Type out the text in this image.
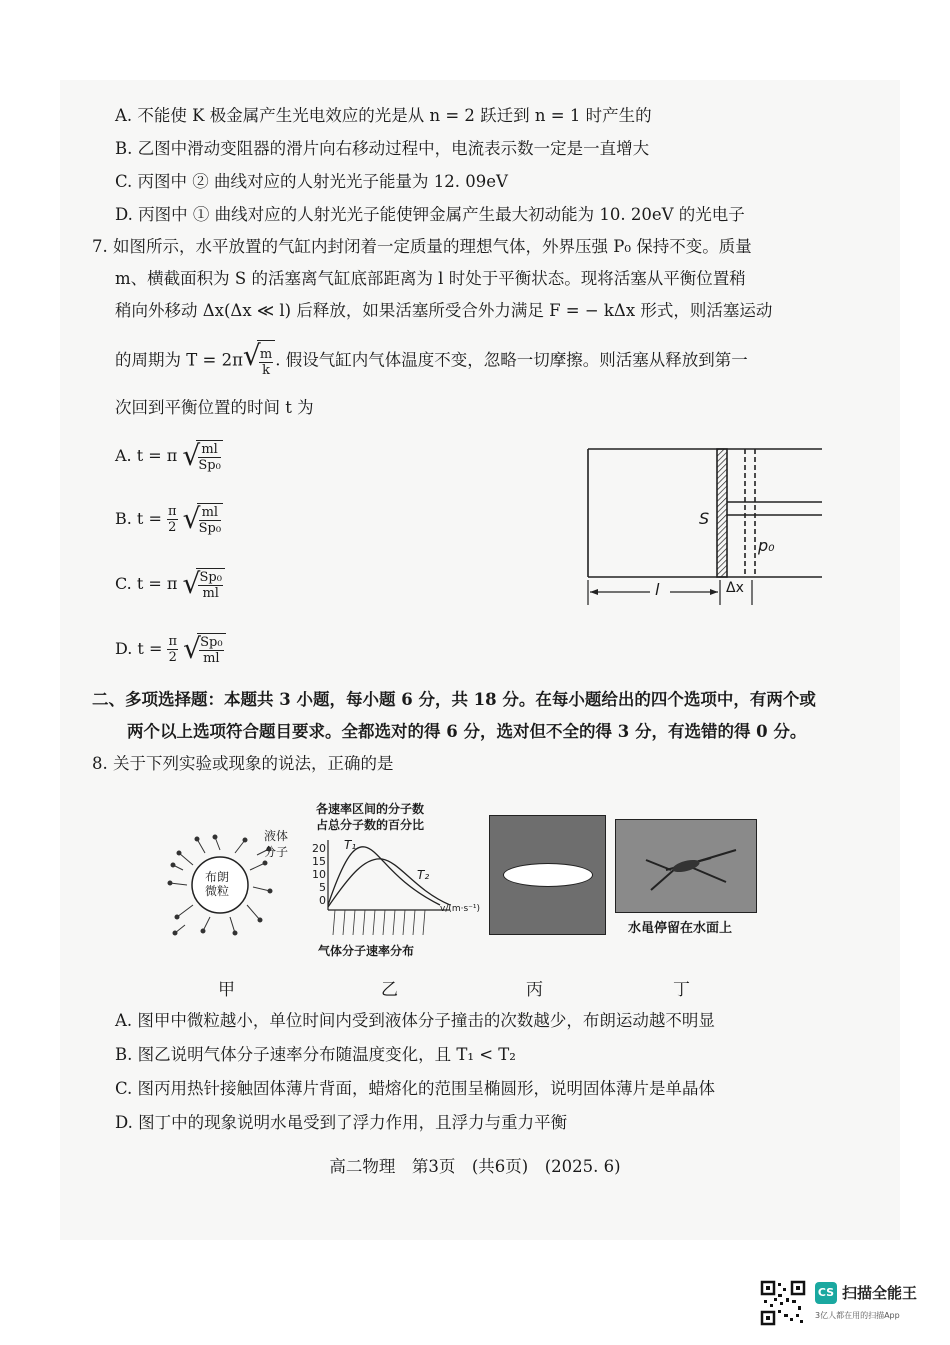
A. 不能使 K 极金属产生光电效应的光是从 n = 2 跃迁到 n = 1 时产生的
B. 乙图中滑动变阻器的滑片向右移动过程中，电流表示数一定是一直增大
C. 丙图中 ② 曲线对应的人射光光子能量为 12. 09eV
D. 丙图中 ① 曲线对应的人射光光子能使钾金属产生最大初动能为 10. 20eV 的光电子
7. 如图所示，水平放置的气缸内封闭着一定质量的理想气体，外界压强 P₀ 保持不变。质量
m、横截面积为 S 的活塞离气缸底部距离为 l 时处于平衡状态。现将活塞从平衡位置稍
稍向外移动 Δx(Δx ≪ l) 后释放，如果活塞所受合外力满足 F = − kΔx 形式，则活塞运动
的周期为 T = 2π √ $\frac{m}{k}$ . 假设气缸内气体温度不变，忽略一切摩擦。则活塞从释放到第一
次回到平衡位置的时间 t 为
A. t = π √ $\frac{ml}{\text{Sp₀}}$
B. $t = \frac{\pi}{2}$
√ $\frac{ml}{\text{Sp₀}}$
C. t = π √ $\frac{\text{Sp₀}}{ml}$
D. $t = \frac{\pi}{2}$
√ $\frac{\text{Sp₀}}{ml}$
S
p₀
l	Δx
二、多项选择题：本题共 3 小题，每小题 6 分，共 18 分。在每小题给出的四个选项中，有两个或
两个以上选项符合题目要求。全都选对的得 6 分，选对但不全的得 3 分，有选错的得 0 分。
8. 关于下列实验或现象的说法，正确的是
布朗
微粒
液体
分子
各速率区间的分子数
占总分子数的百分比
20
15
10
5
0
T₁
T₂
v/(m·s⁻¹)
气体分子速率分布
水黾停留在水面上
甲	乙	丙	丁
A. 图甲中微粒越小，单位时间内受到液体分子撞击的次数越少，布朗运动越不明显
B. 图乙说明气体分子速率分布随温度变化，且 T₁ < T₂
C. 图丙用热针接触固体薄片背面，蜡熔化的范围呈椭圆形，说明固体薄片是单晶体
D. 图丁中的现象说明水黾受到了浮力作用，且浮力与重力平衡
高二物理　第3页　(共6页)　(2025. 6)
CS 扫描全能王
3亿人都在用的扫描App
